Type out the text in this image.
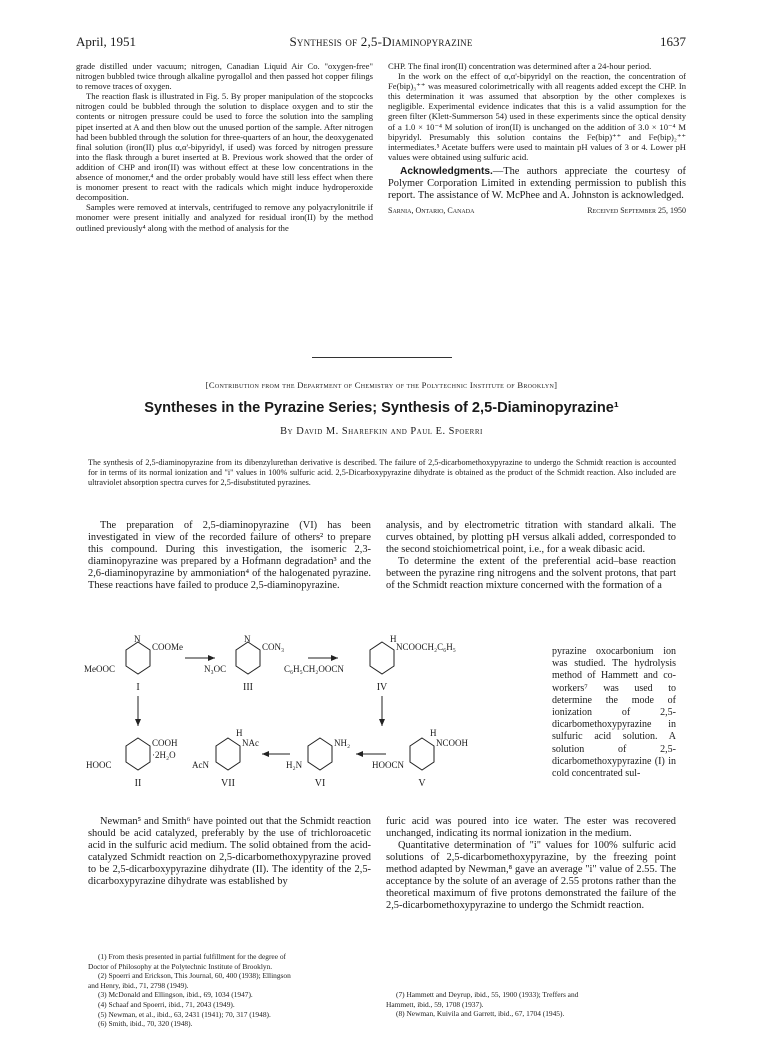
April, 1951	Synthesis of 2,5-Diaminopyrazine	1637

grade distilled under vacuum; nitrogen, Canadian Liquid Air Co. "oxygen-free" nitrogen bubbled twice through alkaline pyrogallol and then passed hot copper filings to remove traces of oxygen.

The reaction flask is illustrated in Fig. 5. By proper manipulation of the stopcocks nitrogen could be bubbled through the solution to displace oxygen and to stir the contents or nitrogen pressure could be used to force the solution into the sampling pipet inserted at A and then blow out the unused portion of the sample. After nitrogen had been bubbled through the solution for three-quarters of an hour, the deoxygenated final solution (iron(II) plus α,α'-bipyridyl, if used) was forced by nitrogen pressure into the flask through a buret inserted at B. Previous work showed that the order of addition of CHP and iron(II) was without effect at these low concentrations in the absence of monomer,⁴ and the order probably would have still less effect when there is monomer present to react with the radicals which might induce hydroperoxide decomposition.

Samples were removed at intervals, centrifuged to remove any polyacrylonitrile if monomer were present initially and analyzed for residual iron(II) by the method outlined previously⁴ along with the method of analysis for the

CHP. The final iron(II) concentration was determined after a 24-hour period.

In the work on the effect of α,α'-bipyridyl on the reaction, the concentration of Fe(bip)₃⁺⁺ was measured colorimetrically with all reagents added except the CHP. In this determination it was assumed that absorption by the other complexes is negligible. Experimental evidence indicates that this is a valid assumption for the green filter (Klett-Summerson 54) used in these experiments since the optical density of a 1.0 × 10⁻⁴ M solution of iron(II) is unchanged on the addition of 3.0 × 10⁻⁴ M bipyridyl. Presumably this solution contains the Fe(bip)⁺⁺ and Fe(bip)₂⁺⁺ intermediates.⁵ Acetate buffers were used to maintain pH values of 3 or 4. Lower pH values were obtained using sulfuric acid.

Acknowledgments.—The authors appreciate the courtesy of Polymer Corporation Limited in extending permission to publish this report. The assistance of W. McPhee and A. Johnston is acknowledged.

Sarnia, Ontario, Canada	Received September 25, 1950
[Contribution from the Department of Chemistry of the Polytechnic Institute of Brooklyn]
Syntheses in the Pyrazine Series; Synthesis of 2,5-Diaminopyrazine¹
By David M. Sharefkin and Paul E. Spoerri
The synthesis of 2,5-diaminopyrazine from its dibenzylurethan derivative is described. The failure of 2,5-dicarbomethoxypyrazine to undergo the Schmidt reaction is accounted for in terms of its normal ionization and "i" values in 100% sulfuric acid. 2,5-Dicarboxypyrazine dihydrate is obtained as the product of the Schmidt reaction. Also included are ultraviolet absorption spectra curves for 2,5-disubstituted pyrazines.

The preparation of 2,5-diaminopyrazine (VI) has been investigated in view of the recorded failure of others² to prepare this compound. During this investigation, the isomeric 2,3-diaminopyrazine was prepared by a Hofmann degradation³ and the 2,6-diaminopyrazine by ammoniation⁴ of the halogenated pyrazine. These reactions have failed to produce 2,5-diaminopyrazine.

analysis, and by electrometric titration with standard alkali. The curves obtained, by plotting pH versus alkali added, corresponded to the second stoichiometrical point, i.e., for a weak dibasic acid.

To determine the extent of the preferential acid–base reaction between the pyrazine ring nitrogens and the solvent protons, that part of the Schmidt reaction mixture concerned with the formation of a

pyrazine oxocarbonium ion was studied. The hydrolysis method of Hammett and co-workers⁷ was used to determine the mode of ionization of 2,5-dicarbomethoxypyrazine in sulfuric acid solution. A solution of 2,5-dicarbomethoxypyrazine (I) in cold concentrated sul-

N
COOMe
MeOOC
N
CON₃
N₃OC
H
NCOOCH₂C₆H₅
C₆H₅CH₂OOCN
COOH
·2H₂O
HOOC
H
NAc
AcN
NH₂
H₂N
H
NCOOH
HOOCN
I	III	IV
II	VII	VI	V

Newman⁵ and Smith⁶ have pointed out that the Schmidt reaction should be acid catalyzed, preferably by the use of trichloroacetic acid in the sulfuric acid medium. The solid obtained from the acid-catalyzed Schmidt reaction on 2,5-dicarbomethoxypyrazine proved to be 2,5-dicarboxypyrazine dihydrate (II). The identity of the 2,5-dicarboxypyrazine dihydrate was established by

furic acid was poured into ice water. The ester was recovered unchanged, indicating its normal ionization in the medium.

Quantitative determination of "i" values for 100% sulfuric acid solutions of 2,5-dicarbomethoxypyrazine, by the freezing point method adapted by Newman,⁸ gave an average "i" value of 2.55. The acceptance by the solute of an average of 2.55 protons rather than the theoretical maximum of five protons demonstrated the failure of the 2,5-dicarbomethoxypyrazine to undergo the Schmidt reaction.

(1) From thesis presented in partial fulfillment for the degree of
Doctor of Philosophy at the Polytechnic Institute of Brooklyn.
(2) Spoerri and Erickson, This Journal, 60, 400 (1938); Ellingson
and Henry, ibid., 71, 2798 (1949).
(3) McDonald and Ellingson, ibid., 69, 1034 (1947).
(4) Schaaf and Spoerri, ibid., 71, 2043 (1949).
(5) Newman, et al., ibid., 63, 2431 (1941); 70, 317 (1948).
(6) Smith, ibid., 70, 320 (1948).
(7) Hammett and Deyrup, ibid., 55, 1900 (1933); Treffers and
Hammett, ibid., 59, 1708 (1937).
(8) Newman, Kuivila and Garrett, ibid., 67, 1704 (1945).
